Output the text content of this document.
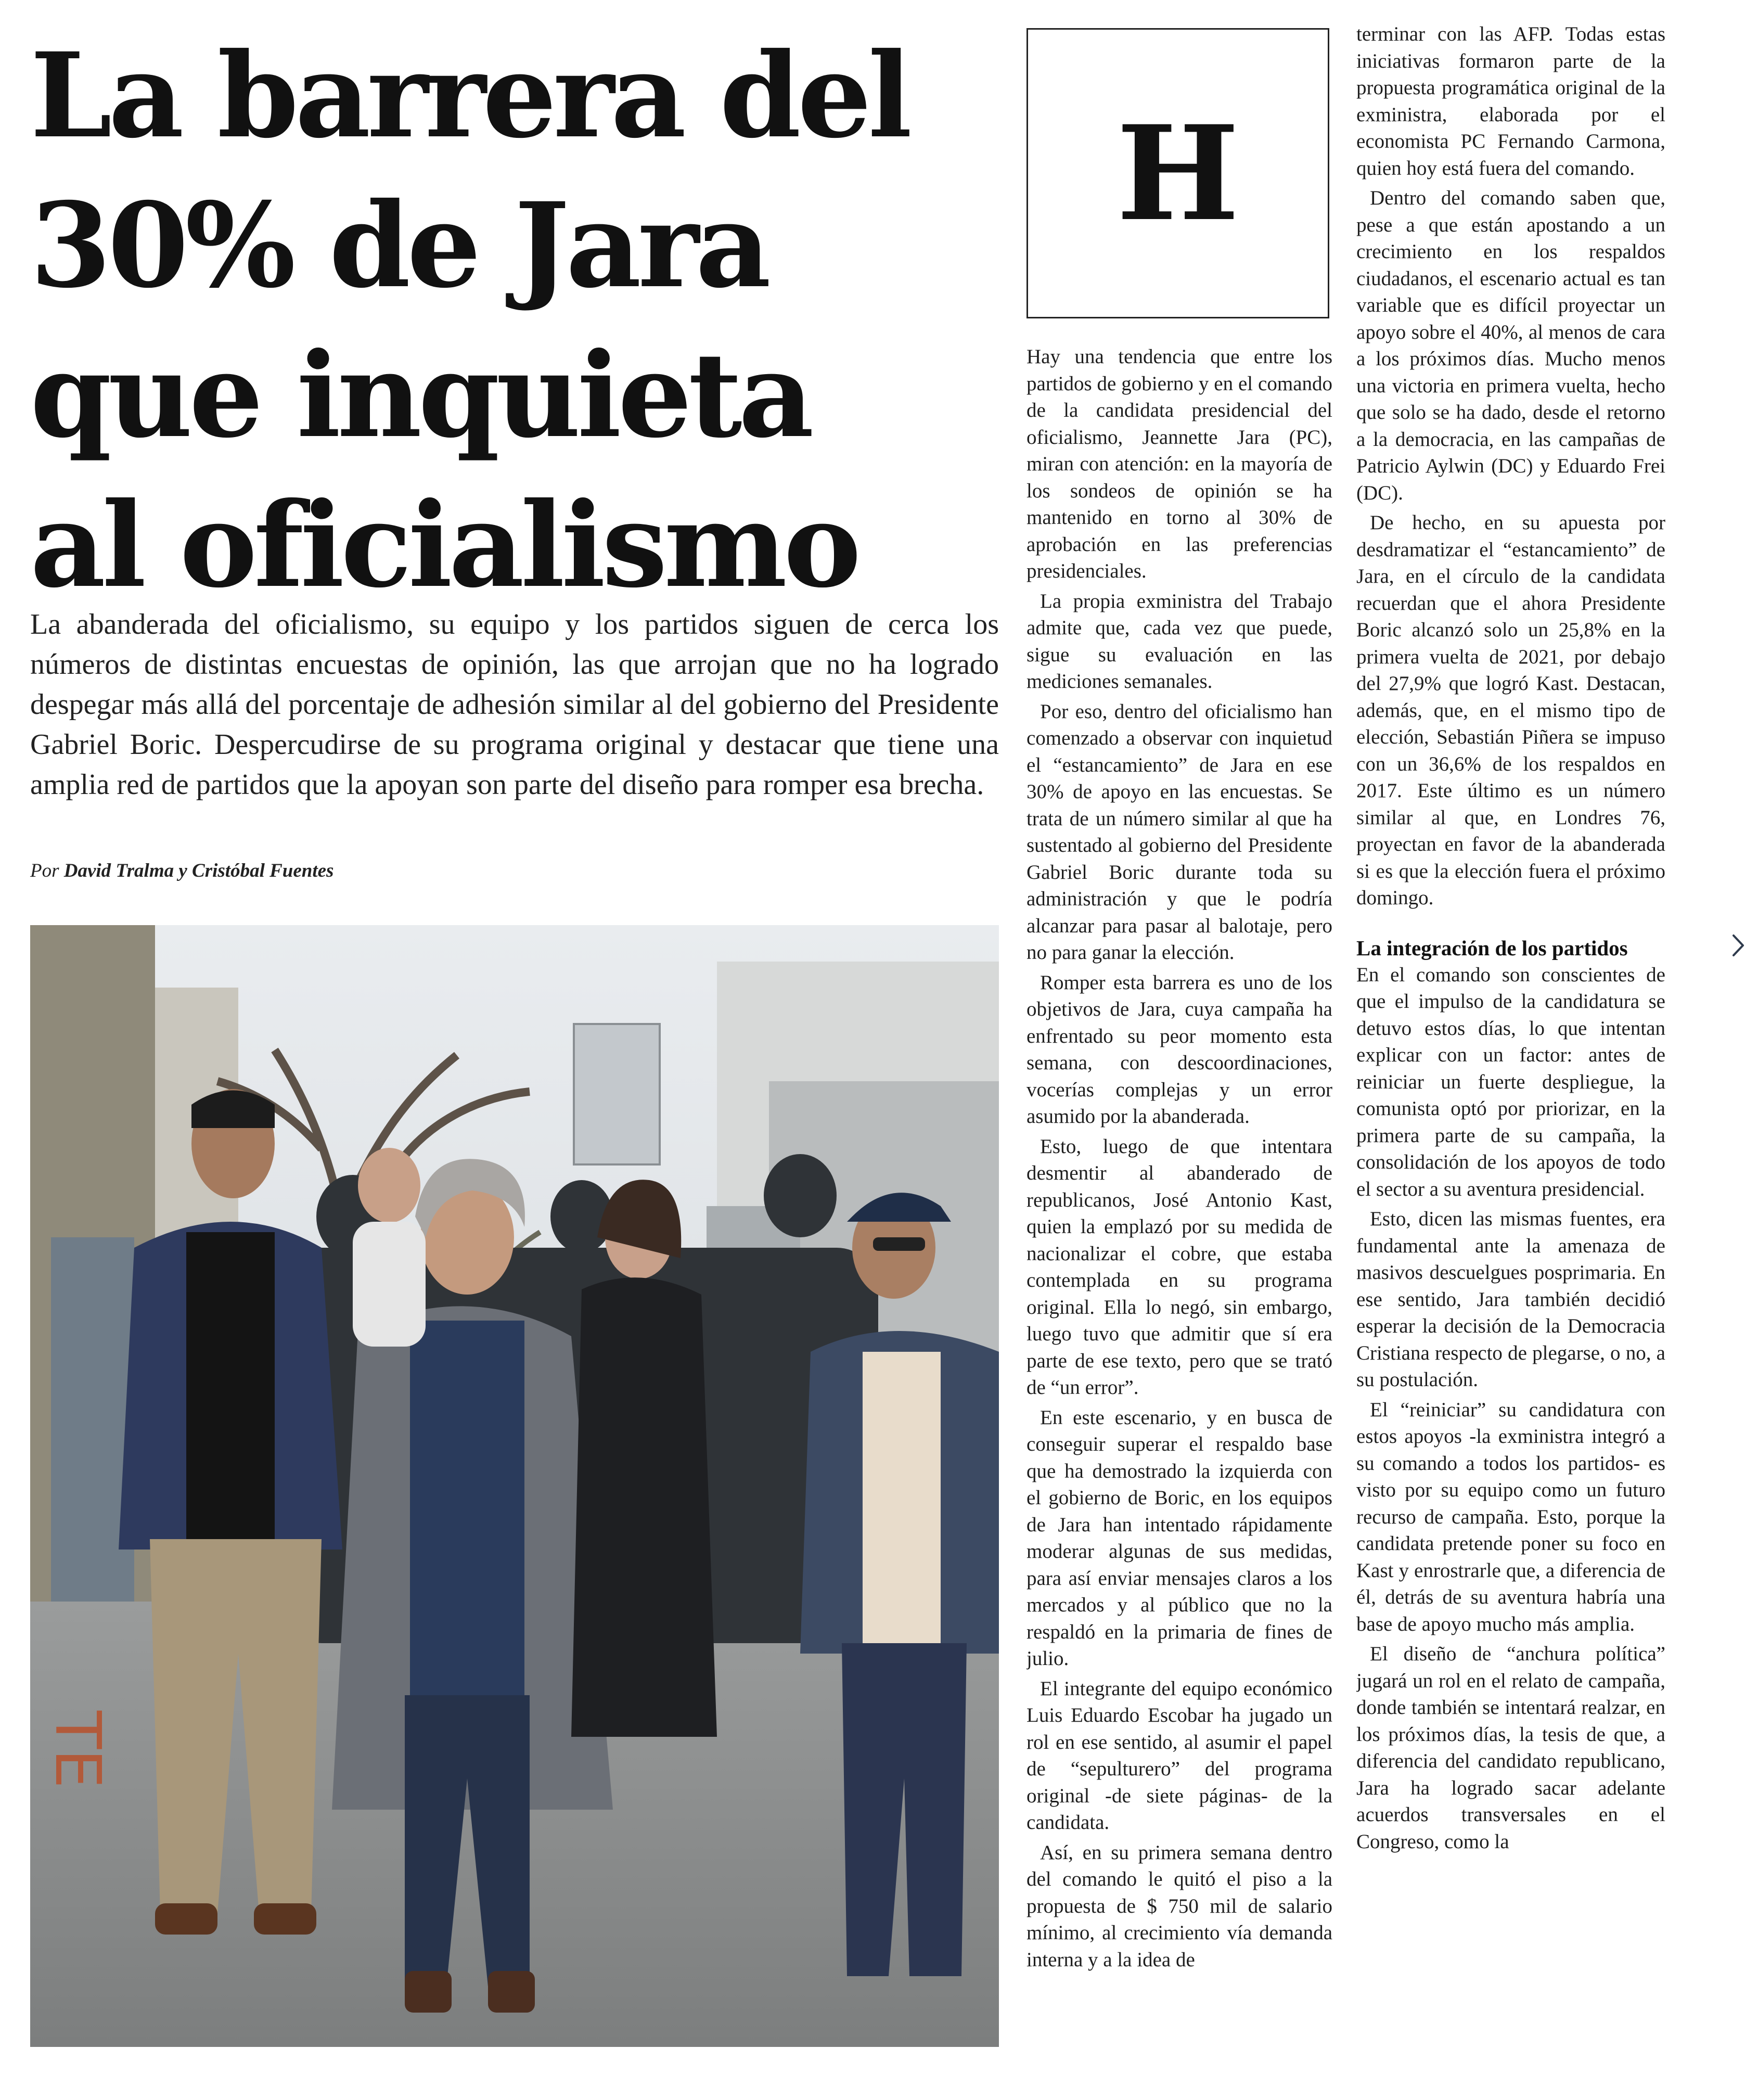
La barrera del
30% de Jara
que inquieta
al oficialismo

La abanderada del oficialismo, su equipo y los partidos siguen de cerca los números de distintas encuestas de opinión, las que arrojan que no ha logrado despegar más allá del porcentaje de adhesión similar al del gobierno del Presidente Gabriel Boric. Despercudirse de su programa original y destacar que tiene una amplia red de partidos que la apoyan son parte del diseño para romper esa brecha.

Por David Tralma y Cristóbal Fuentes
TE
H

Hay una tendencia que entre los partidos de gobierno y en el comando de la candidata presidencial del oficialismo, Jeannette Jara (PC), miran con atención: en la mayoría de los sondeos de opinión se ha mantenido en torno al 30% de aprobación en las preferencias presidenciales.

La propia exministra del Trabajo admite que, cada vez que puede, sigue su evaluación en las mediciones semanales.

Por eso, dentro del oficialismo han comenzado a observar con inquietud el “estancamiento” de Jara en ese 30% de apoyo en las encuestas. Se trata de un número similar al que ha sustentado al gobierno del Presidente Gabriel Boric durante toda su administración y que le podría alcanzar para pasar al balotaje, pero no para ganar la elección.

Romper esta barrera es uno de los objetivos de Jara, cuya campaña ha enfrentado su peor momento esta semana, con descoordinaciones, vocerías complejas y un error asumido por la abanderada.

Esto, luego de que intentara desmentir al abanderado de republicanos, José Antonio Kast, quien la emplazó por su medida de nacionalizar el cobre, que estaba contemplada en su programa original. Ella lo negó, sin embargo, luego tuvo que admitir que sí era parte de ese texto, pero que se trató de “un error”.

En este escenario, y en busca de conseguir superar el respaldo base que ha demostrado la izquierda con el gobierno de Boric, en los equipos de Jara han intentado rápidamente moderar algunas de sus medidas, para así enviar mensajes claros a los mercados y al público que no la respaldó en la primaria de fines de julio.

El integrante del equipo económico Luis Eduardo Escobar ha jugado un rol en ese sentido, al asumir el papel de “sepulturero” del programa original -de siete páginas- de la candidata.

Así, en su primera semana dentro del comando le quitó el piso a la propuesta de $ 750 mil de salario mínimo, al crecimiento vía demanda interna y a la idea de

terminar con las AFP. Todas estas iniciativas formaron parte de la propuesta programática original de la exministra, elaborada por el economista PC Fernando Carmona, quien hoy está fuera del comando.

Dentro del comando saben que, pese a que están apostando a un crecimiento en los respaldos ciudadanos, el escenario actual es tan variable que es difícil proyectar un apoyo sobre el 40%, al menos de cara a los próximos días. Mucho menos una victoria en primera vuelta, hecho que solo se ha dado, desde el retorno a la democracia, en las campañas de Patricio Aylwin (DC) y Eduardo Frei (DC).

De hecho, en su apuesta por desdramatizar el “estancamiento” de Jara, en el círculo de la candidata recuerdan que el ahora Presidente Boric alcanzó solo un 25,8% en la primera vuelta de 2021, por debajo del 27,9% que logró Kast. Destacan, además, que, en el mismo tipo de elección, Sebastián Piñera se impuso con un 36,6% de los respaldos en 2017. Este último es un número similar al que, en Londres 76, proyectan en favor de la abanderada si es que la elección fuera el próximo domingo.

La integración de los partidos

En el comando son conscientes de que el impulso de la candidatura se detuvo estos días, lo que intentan explicar con un factor: antes de reiniciar un fuerte despliegue, la comunista optó por priorizar, en la primera parte de su campaña, la consolidación de los apoyos de todo el sector a su aventura presidencial.

Esto, dicen las mismas fuentes, era fundamental ante la amenaza de masivos descuelgues posprimaria. En ese sentido, Jara también decidió esperar la decisión de la Democracia Cristiana respecto de plegarse, o no, a su postulación.

El “reiniciar” su candidatura con estos apoyos -la exministra integró a su comando a todos los partidos- es visto por su equipo como un futuro recurso de campaña. Esto, porque la candidata pretende poner su foco en Kast y enrostrarle que, a diferencia de él, detrás de su aventura habría una base de apoyo mucho más amplia.

El diseño de “anchura política” jugará un rol en el relato de campaña, donde también se intentará realzar, en los próximos días, la tesis de que, a diferencia del candidato republicano, Jara ha logrado sacar adelante acuerdos transversales en el Congreso, como la
